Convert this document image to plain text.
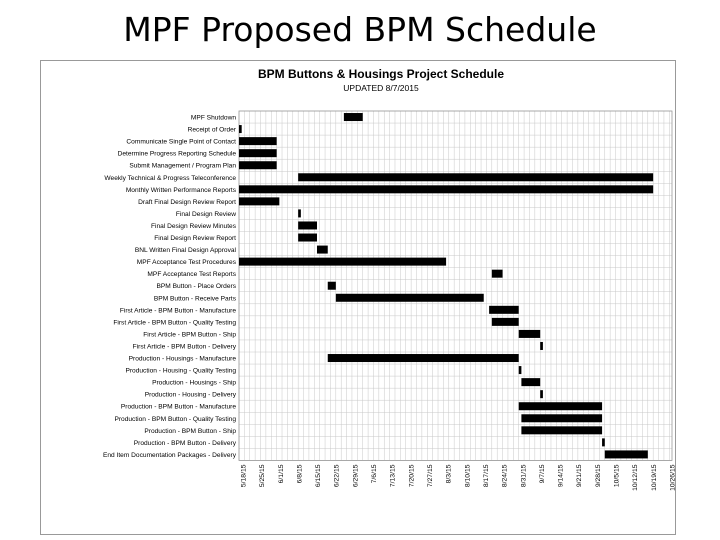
MPF Proposed BPM Schedule
BPM Buttons & Housings Project Schedule
UPDATED 8/7/2015
MPF Shutdown
Receipt of Order
Communicate Single Point of Contact
Determine Progress Reporting Schedule
Submit Management / Program Plan
Weekly Technical & Progress Teleconference
Monthly Written Performance Reports
Draft Final Design Review Report
Final Design Review
Final Design Review Minutes
Final Design Review Report
BNL Written Final Design Approval
MPF Acceptance Test Procedures
MPF Acceptance Test Reports
BPM Button - Place Orders
BPM Button - Receive Parts
First Article - BPM Button - Manufacture
First Article - BPM Button - Quality Testing
First Article - BPM Button - Ship
First Article - BPM Button - Delivery
Production - Housings - Manufacture
Production - Housing - Quality Testing
Production - Housings - Ship
Production - Housing - Delivery
Production - BPM Button - Manufacture
Production - BPM Button - Quality Testing
Production - BPM Button - Ship
Production - BPM Button - Delivery
End Item Documentation Packages - Delivery
5/18/15 5/25/15 6/1/15 6/8/15 6/15/15 6/22/15 6/29/15 7/6/15 7/13/15 7/20/15 7/27/15 8/3/15 8/10/15 8/17/15 8/24/15 8/31/15 9/7/15 9/14/15 9/21/15 9/28/15 10/5/15 10/12/15 10/19/15 10/26/15
